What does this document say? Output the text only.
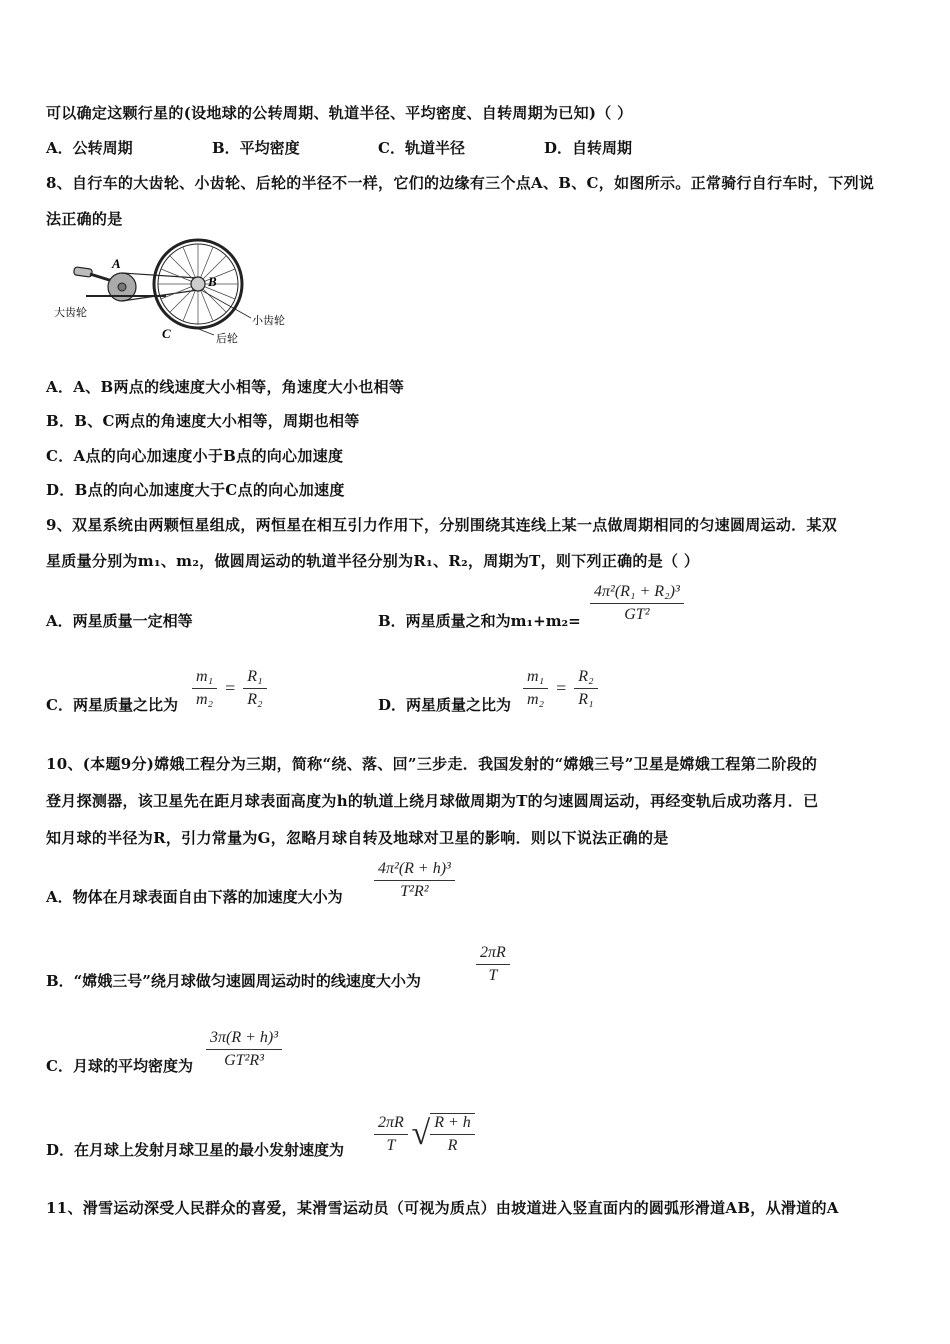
可以确定这颗行星的(设地球的公转周期、轨道半径、平均密度、自转周期为已知)（ ）
A．公转周期	B．平均密度	C．轨道半径	D．自转周期
8、自行车的大齿轮、小齿轮、后轮的半径不一样，它们的边缘有三个点A、B、C，如图所示。正常骑行自行车时，下列说
法正确的是
A
B
C
大齿轮
小齿轮
后轮
A．A、B两点的线速度大小相等，角速度大小也相等
B．B、C两点的角速度大小相等，周期也相等
C．A点的向心加速度小于B点的向心加速度
D．B点的向心加速度大于C点的向心加速度
9、双星系统由两颗恒星组成，两恒星在相互引力作用下，分别围绕其连线上某一点做周期相同的匀速圆周运动．某双
星质量分别为m₁、m₂，做圆周运动的轨道半径分别为R₁、R₂，周期为T，则下列正确的是（ ）
A．两星质量一定相等	B．两星质量之和为$m_1+m_2= \frac{\text{4π²(R₁ + R₂)³}}{\text{GT²}}$
C．两星质量之比为 $\frac{\text{m₁}}{\text{m₂}} = \frac{\text{R₁}}{\text{R₂}}$	D．两星质量之比为 $\frac{\text{m₁}}{\text{m₂}} = \frac{\text{R₂}}{\text{R₁}}$
10、(本题9分)嫦娥工程分为三期，简称“绕、落、回”三步走．我国发射的“嫦娥三号”卫星是嫦娥工程第二阶段的
登月探测器，该卫星先在距月球表面高度为h的轨道上绕月球做周期为T的匀速圆周运动，再经变轨后成功落月．已
知月球的半径为R，引力常量为G，忽略月球自转及地球对卫星的影响．则以下说法正确的是
A．物体在月球表面自由下落的加速度大小为 $\frac{\text{4π²(R + h)³}}{\text{T²R²}}$
B．“嫦娥三号”绕月球做匀速圆周运动时的线速度大小为	$\frac{2\pi R}{T}$
C．月球的平均密度为 $\frac{\text{3π(R + h)³}}{\text{GT²R³}}$
D．在月球上发射月球卫星的最小发射速度为 $\frac{2\pi R}{T}$
√ $\frac{R + h}{R}$
11、滑雪运动深受人民群众的喜爱，某滑雪运动员（可视为质点）由坡道进入竖直面内的圆弧形滑道AB，从滑道的A
